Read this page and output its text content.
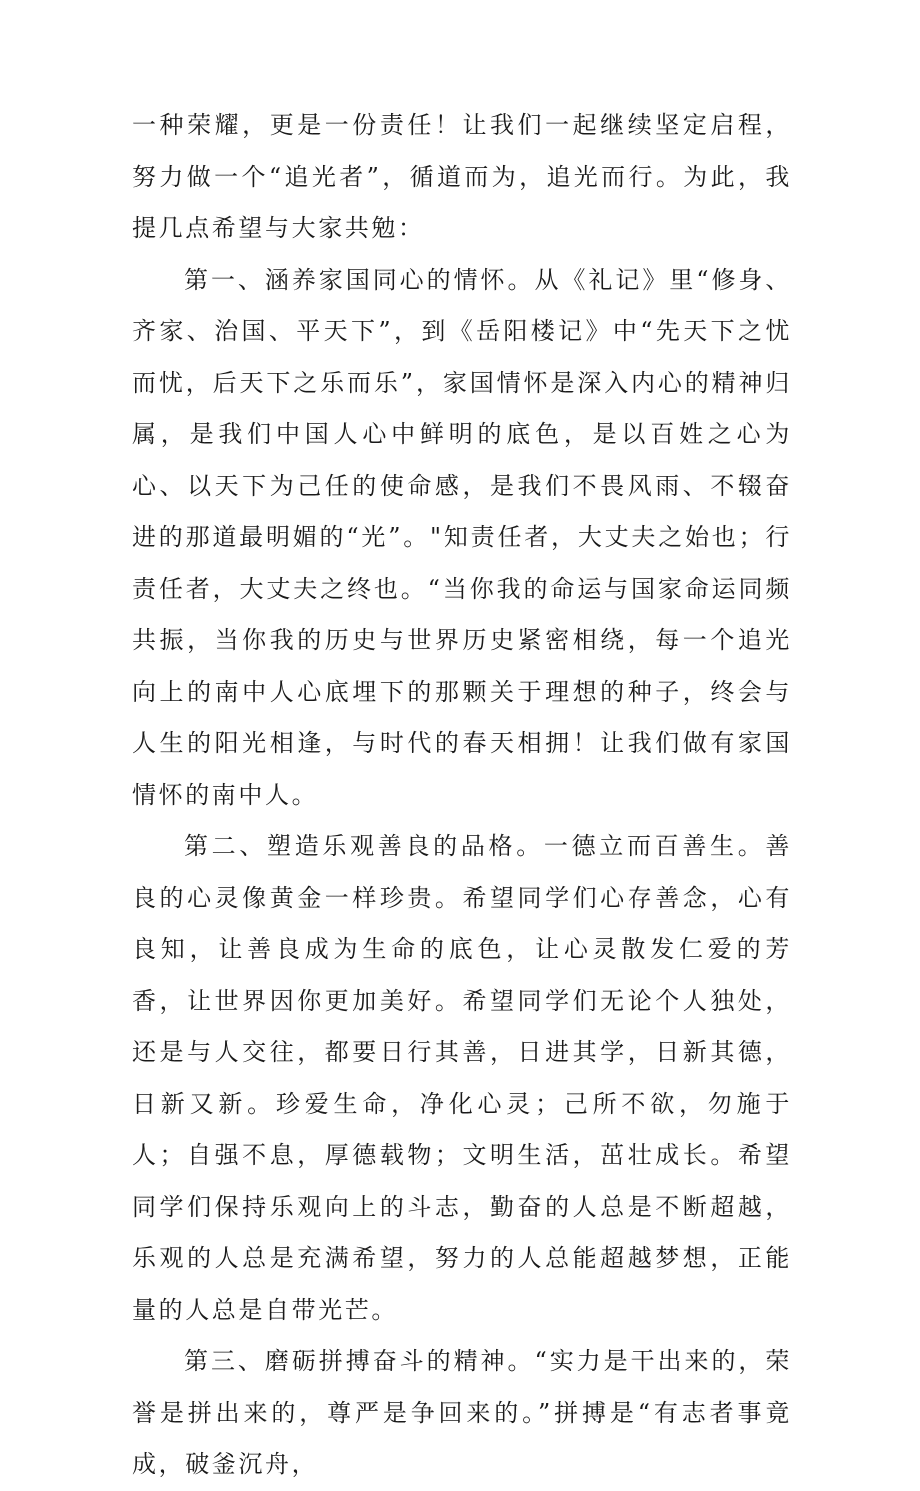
一种荣耀，更是一份责任！让我们一起继续坚定启程，努力做一个“追光者”，循道而为，追光而行。为此，我提几点希望与大家共勉：

第一、涵养家国同心的情怀。从《礼记》里“修身、齐家、治国、平天下”，到《岳阳楼记》中“先天下之忧而忧，后天下之乐而乐”，家国情怀是深入内心的精神归属，是我们中国人心中鲜明的底色，是以百姓之心为心、以天下为己任的使命感，是我们不畏风雨、不辍奋进的那道最明媚的“光”。"知责任者，大丈夫之始也；行责任者，大丈夫之终也。“当你我的命运与国家命运同频共振，当你我的历史与世界历史紧密相绕，每一个追光向上的南中人心底埋下的那颗关于理想的种子，终会与人生的阳光相逢，与时代的春天相拥！让我们做有家国情怀的南中人。

第二、塑造乐观善良的品格。一德立而百善生。善良的心灵像黄金一样珍贵。希望同学们心存善念，心有良知，让善良成为生命的底色，让心灵散发仁爱的芳香，让世界因你更加美好。希望同学们无论个人独处，还是与人交往，都要日行其善，日进其学，日新其德，日新又新。珍爱生命，净化心灵；己所不欲，勿施于人；自强不息，厚德载物；文明生活，茁壮成长。希望同学们保持乐观向上的斗志，勤奋的人总是不断超越，乐观的人总是充满希望，努力的人总能超越梦想，正能量的人总是自带光芒。

第三、磨砺拼搏奋斗的精神。“实力是干出来的，荣誉是拼出来的，尊严是争回来的。”拼搏是“有志者事竟成，破釜沉舟，
